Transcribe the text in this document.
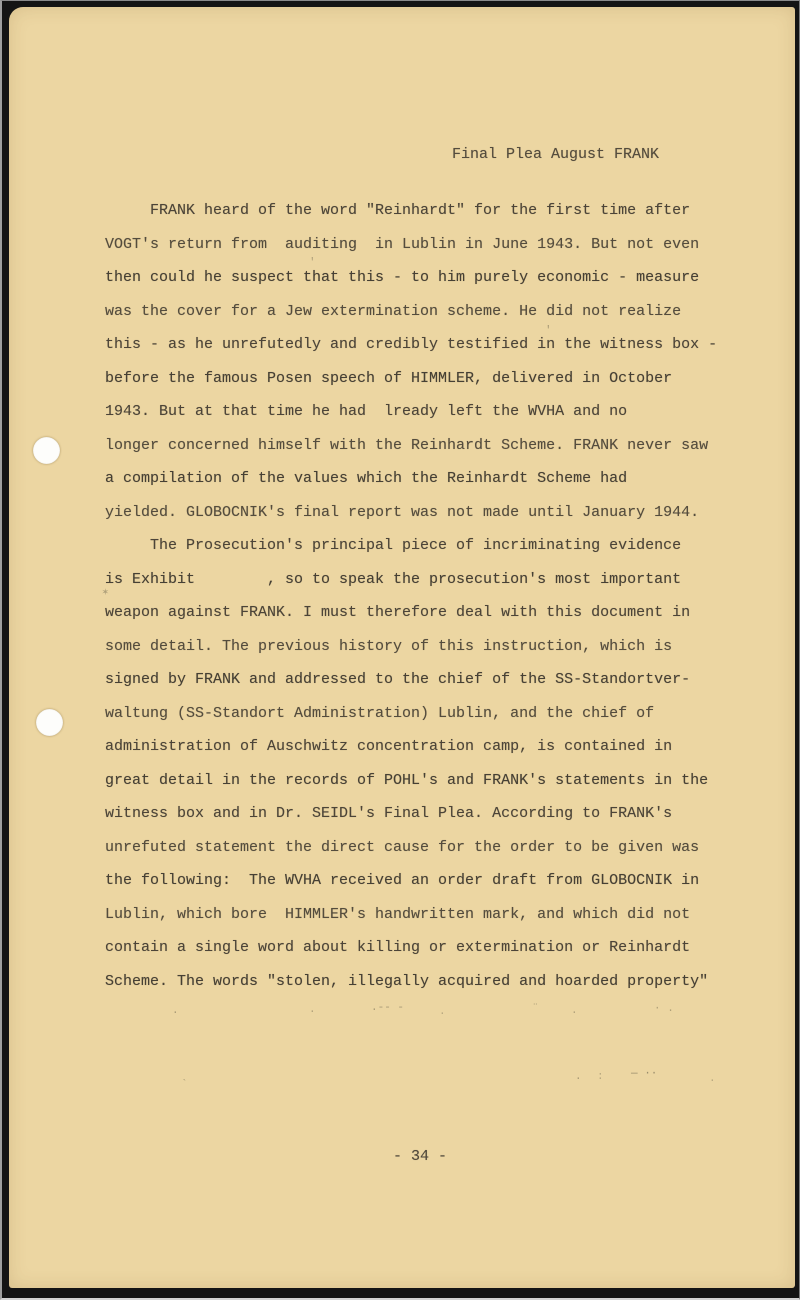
Final Plea August FRANK
FRANK heard of the word "Reinhardt" for the first time after
VOGT's return from  auditing  in Lublin in June 1943. But not even
then could he suspect that this - to him purely economic - measure
was the cover for a Jew extermination scheme. He did not realize
this - as he unrefutedly and credibly testified in the witness box -
before the famous Posen speech of HIMMLER, delivered in October
1943. But at that time he had  lready left the WVHA and no
longer concerned himself with the Reinhardt Scheme. FRANK never saw
a compilation of the values which the Reinhardt Scheme had
yielded. GLOBOCNIK's final report was not made until January 1944.
The Prosecution's principal piece of incriminating evidence
is Exhibit        , so to speak the prosecution's most important
weapon against FRANK. I must therefore deal with this document in
some detail. The previous history of this instruction, which is
signed by FRANK and addressed to the chief of the SS-Standortver-
waltung (SS-Standort Administration) Lublin, and the chief of
administration of Auschwitz concentration camp, is contained in
great detail in the records of POHL's and FRANK's statements in the
witness box and in Dr. SEIDL's Final Plea. According to FRANK's
unrefuted statement the direct cause for the order to be given was
the following:  The WVHA received an order draft from GLOBOCNIK in
Lublin, which bore  HIMMLER's handwritten mark, and which did not
contain a single word about killing or extermination or Reinhardt
Scheme. The words "stolen, illegally acquired and hoarded property"
- 34 -
.	.	.-- -	.	¨	.	· .
✶
. : — ··	.
`
'
'
